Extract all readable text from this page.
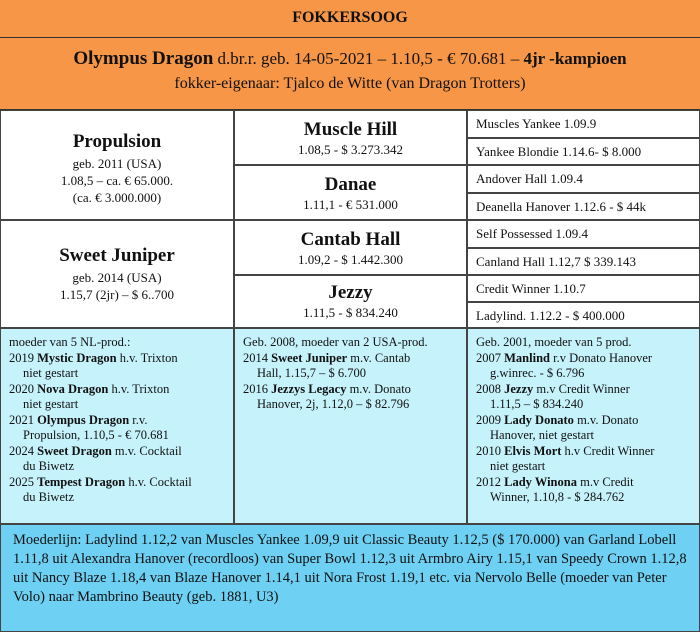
FOKKERSOOG
Olympus Dragon d.br.r. geb. 14-05-2021 – 1.10,5 - € 70.681 – 4jr -kampioen
fokker-eigenaar: Tjalco de Witte (van Dragon Trotters)
Propulsion
geb. 2011 (USA)
1.08,5 – ca. € 65.000.
(ca. € 3.000.000)
Sweet Juniper
geb. 2014 (USA)
1.15,7 (2jr) – $ 6..700
Muscle Hill
1.08,5 - $ 3.273.342
Danae
1.11,1 - € 531.000
Cantab Hall
1.09,2 - $ 1.442.300
Jezzy
1.11,5 - $ 834.240
Muscles Yankee 1.09.9
Yankee Blondie 1.14.6- $ 8.000
Andover Hall 1.09.4
Deanella Hanover 1.12.6 - $ 44k
Self Possessed 1.09.4
Canland Hall 1.12,7 $ 339.143
Credit Winner 1.10.7
Ladylind. 1.12.2 - $ 400.000
moeder van 5 NL-prod.:
2019 Mystic Dragon h.v. Trixton
niet gestart
2020 Nova Dragon h.v. Trixton
niet gestart
2021 Olympus Dragon r.v.
Propulsion, 1.10,5 - € 70.681
2024 Sweet Dragon m.v. Cocktail
du Biwetz
2025 Tempest Dragon h.v. Cocktail
du Biwetz
Geb. 2008, moeder van 2 USA-prod.
2014 Sweet Juniper m.v. Cantab
Hall, 1.15,7 – $ 6.700
2016 Jezzys Legacy m.v. Donato
Hanover, 2j, 1.12,0 – $ 82.796
Geb. 2001, moeder van 5 prod.
2007 Manlind r.v Donato Hanover
g.winrec. - $ 6.796
2008 Jezzy m.v Credit Winner
1.11,5 – $ 834.240
2009 Lady Donato m.v. Donato
Hanover, niet gestart
2010 Elvis Mort h.v Credit Winner
niet gestart
2012 Lady Winona m.v Credit
Winner, 1.10,8 - $ 284.762
Moederlijn: Ladylind 1.12,2 van Muscles Yankee 1.09,9 uit Classic Beauty 1.12,5 ($ 170.000) van Garland Lobell 1.11,8 uit Alexandra Hanover (recordloos) van Super Bowl 1.12,3 uit Armbro Airy 1.15,1 van Speedy Crown 1.12,8 uit Nancy Blaze 1.18,4 van Blaze Hanover 1.14,1 uit Nora Frost 1.19,1 etc. via Nervolo Belle (moeder van Peter Volo) naar Mambrino Beauty (geb. 1881, U3)
